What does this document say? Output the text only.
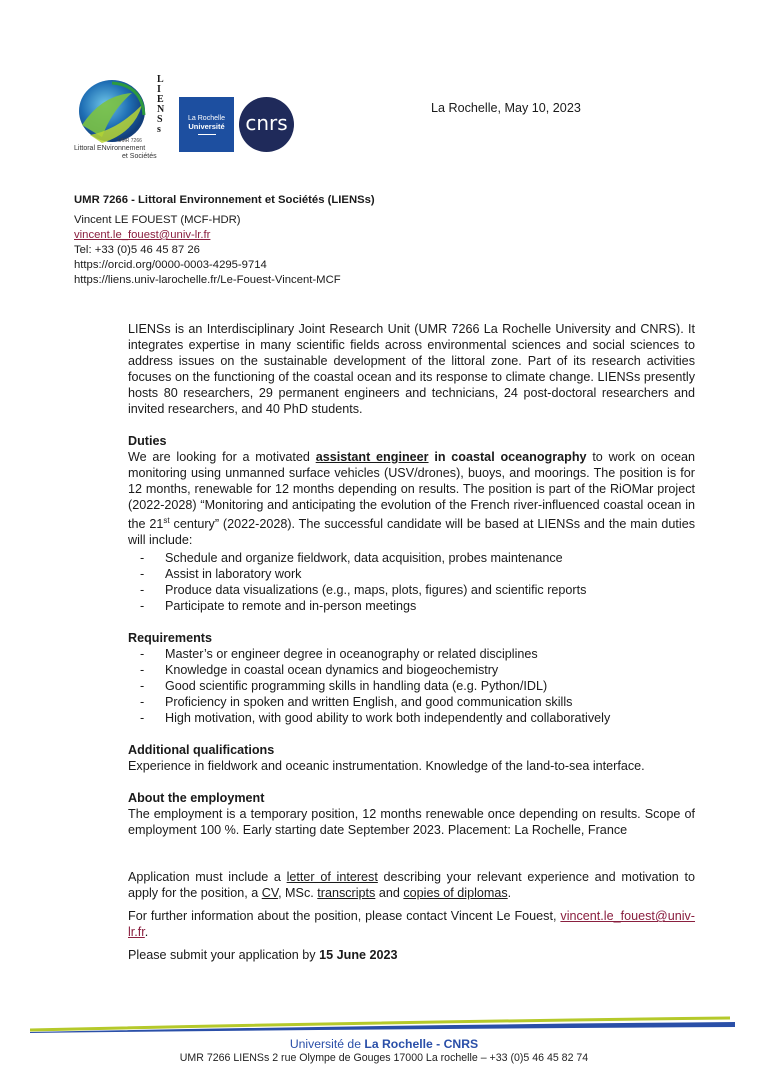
L
I
E
N
S
s
UMR 7266
Littoral ENvironnement
et Sociétés
La Rochelle
Université	cnrs
La Rochelle, May 10, 2023
UMR 7266 - Littoral Environnement et Sociétés (LIENSs)
Vincent LE FOUEST (MCF-HDR)
vincent.le_fouest@univ-lr.fr
Tel: +33 (0)5 46 45 87 26
https://orcid.org/0000-0003-4295-9714
https://liens.univ-larochelle.fr/Le-Fouest-Vincent-MCF

LIENSs is an Interdisciplinary Joint Research Unit (UMR 7266 La Rochelle University and CNRS). It integrates expertise in many scientific fields across environmental sciences and social sciences to address issues on the sustainable development of the littoral zone. Part of its research activities focuses on the functioning of the coastal ocean and its response to climate change. LIENSs presently hosts 80 researchers, 29 permanent engineers and technicians, 24 post-doctoral researchers and invited researchers, and 40 PhD students.

Duties

We are looking for a motivated assistant engineer in coastal oceanography to work on ocean monitoring using unmanned surface vehicles (USV/drones), buoys, and moorings. The position is for 12 months, renewable for 12 months depending on results. The position is part of the RiOMar project (2022-2028) “Monitoring and anticipating the evolution of the French river-influenced coastal ocean in the 21st century” (2022-2028). The successful candidate will be based at LIENSs and the main duties will include:

- Schedule and organize fieldwork, data acquisition, probes maintenance
- Assist in laboratory work
- Produce data visualizations (e.g., maps, plots, figures) and scientific reports
- Participate to remote and in-person meetings
Requirements
- Master’s or engineer degree in oceanography or related disciplines
- Knowledge in coastal ocean dynamics and biogeochemistry
- Good scientific programming skills in handling data (e.g. Python/IDL)
- Proficiency in spoken and written English, and good communication skills
- High motivation, with good ability to work both independently and collaboratively
Additional qualifications

Experience in fieldwork and oceanic instrumentation. Knowledge of the land-to-sea interface.

About the employment

The employment is a temporary position, 12 months renewable once depending on results. Scope of employment 100 %. Early starting date September 2023. Placement: La Rochelle, France

Application must include a letter of interest describing your relevant experience and motivation to apply for the position, a CV, MSc. transcripts and copies of diplomas.

For further information about the position, please contact Vincent Le Fouest, vincent.le_fouest@univ-lr.fr.

Please submit your application by 15 June 2023

Université de La Rochelle - CNRS
UMR 7266 LIENSs 2 rue Olympe de Gouges 17000 La rochelle – +33 (0)5 46 45 82 74
